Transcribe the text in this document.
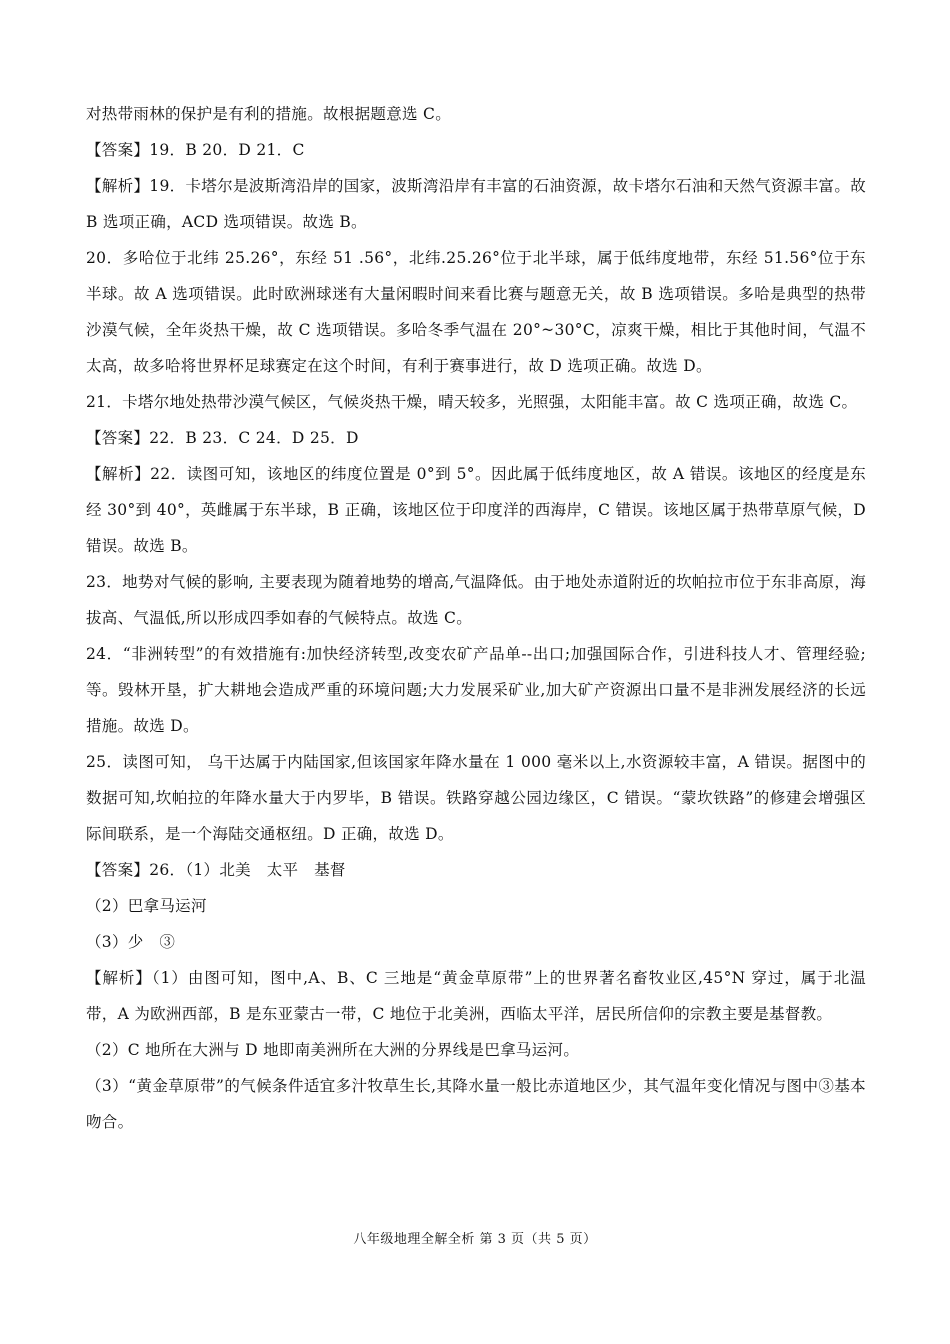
对热带雨林的保护是有利的措施。故根据题意选 C。

【答案】19．B 20．D 21．C

【解析】19．卡塔尔是波斯湾沿岸的国家，波斯湾沿岸有丰富的石油资源，故卡塔尔石油和天然气资源丰富。故 B 选项正确，ACD 选项错误。故选 B。

20．多哈位于北纬 25.26°，东经 51 .56°，北纬.25.26°位于北半球，属于低纬度地带，东经 51.56°位于东半球。故 A 选项错误。此时欧洲球迷有大量闲暇时间来看比赛与题意无关，故 B 选项错误。多哈是典型的热带沙漠气候，全年炎热干燥，故 C 选项错误。多哈冬季气温在 20°~30°C，凉爽干燥，相比于其他时间，气温不太高，故多哈将世界杯足球赛定在这个时间，有利于赛事进行，故 D 选项正确。故选 D。

21．卡塔尔地处热带沙漠气候区，气候炎热干燥，晴天较多，光照强，太阳能丰富。故 C 选项正确，故选 C。

【答案】22．B 23．C 24．D 25．D

【解析】22．读图可知，该地区的纬度位置是 0°到 5°。因此属于低纬度地区，故 A 错误。该地区的经度是东经 30°到 40°，英雌属于东半球，B 正确，该地区位于印度洋的西海岸，C 错误。该地区属于热带草原气候，D 错误。故选 B。

23．地势对气候的影响, 主要表现为随着地势的增高,气温降低。由于地处赤道附近的坎帕拉市位于东非高原，海拔高、气温低,所以形成四季如春的气候特点。故选 C。

24．“非洲转型”的有效措施有:加快经济转型,改变农矿产品单--出口;加强国际合作，引进科技人才、管理经验;等。毁林开垦，扩大耕地会造成严重的环境问题;大力发展采矿业,加大矿产资源出口量不是非洲发展经济的长远措施。故选 D。

25．读图可知， 乌干达属于内陆国家,但该国家年降水量在 1 000 毫米以上,水资源较丰富，A 错误。据图中的数据可知,坎帕拉的年降水量大于内罗毕，B 错误。铁路穿越公园边缘区，C 错误。“蒙坎铁路”的修建会增强区际间联系，是一个海陆交通枢纽。D 正确，故选 D。

【答案】26．（1）北美　太平　基督

（2）巴拿马运河

（3）少　③

【解析】（1）由图可知，图中,A、B、C 三地是“黄金草原带”上的世界著名畜牧业区,45°N 穿过，属于北温带，A 为欧洲西部，B 是东亚蒙古一带，C 地位于北美洲，西临太平洋，居民所信仰的宗教主要是基督教。

（2）C 地所在大洲与 D 地即南美洲所在大洲的分界线是巴拿马运河。

（3）“黄金草原带”的气候条件适宜多汁牧草生长,其降水量一般比赤道地区少，其气温年变化情况与图中③基本吻合。

八年级地理全解全析 第 3 页（共 5 页）
